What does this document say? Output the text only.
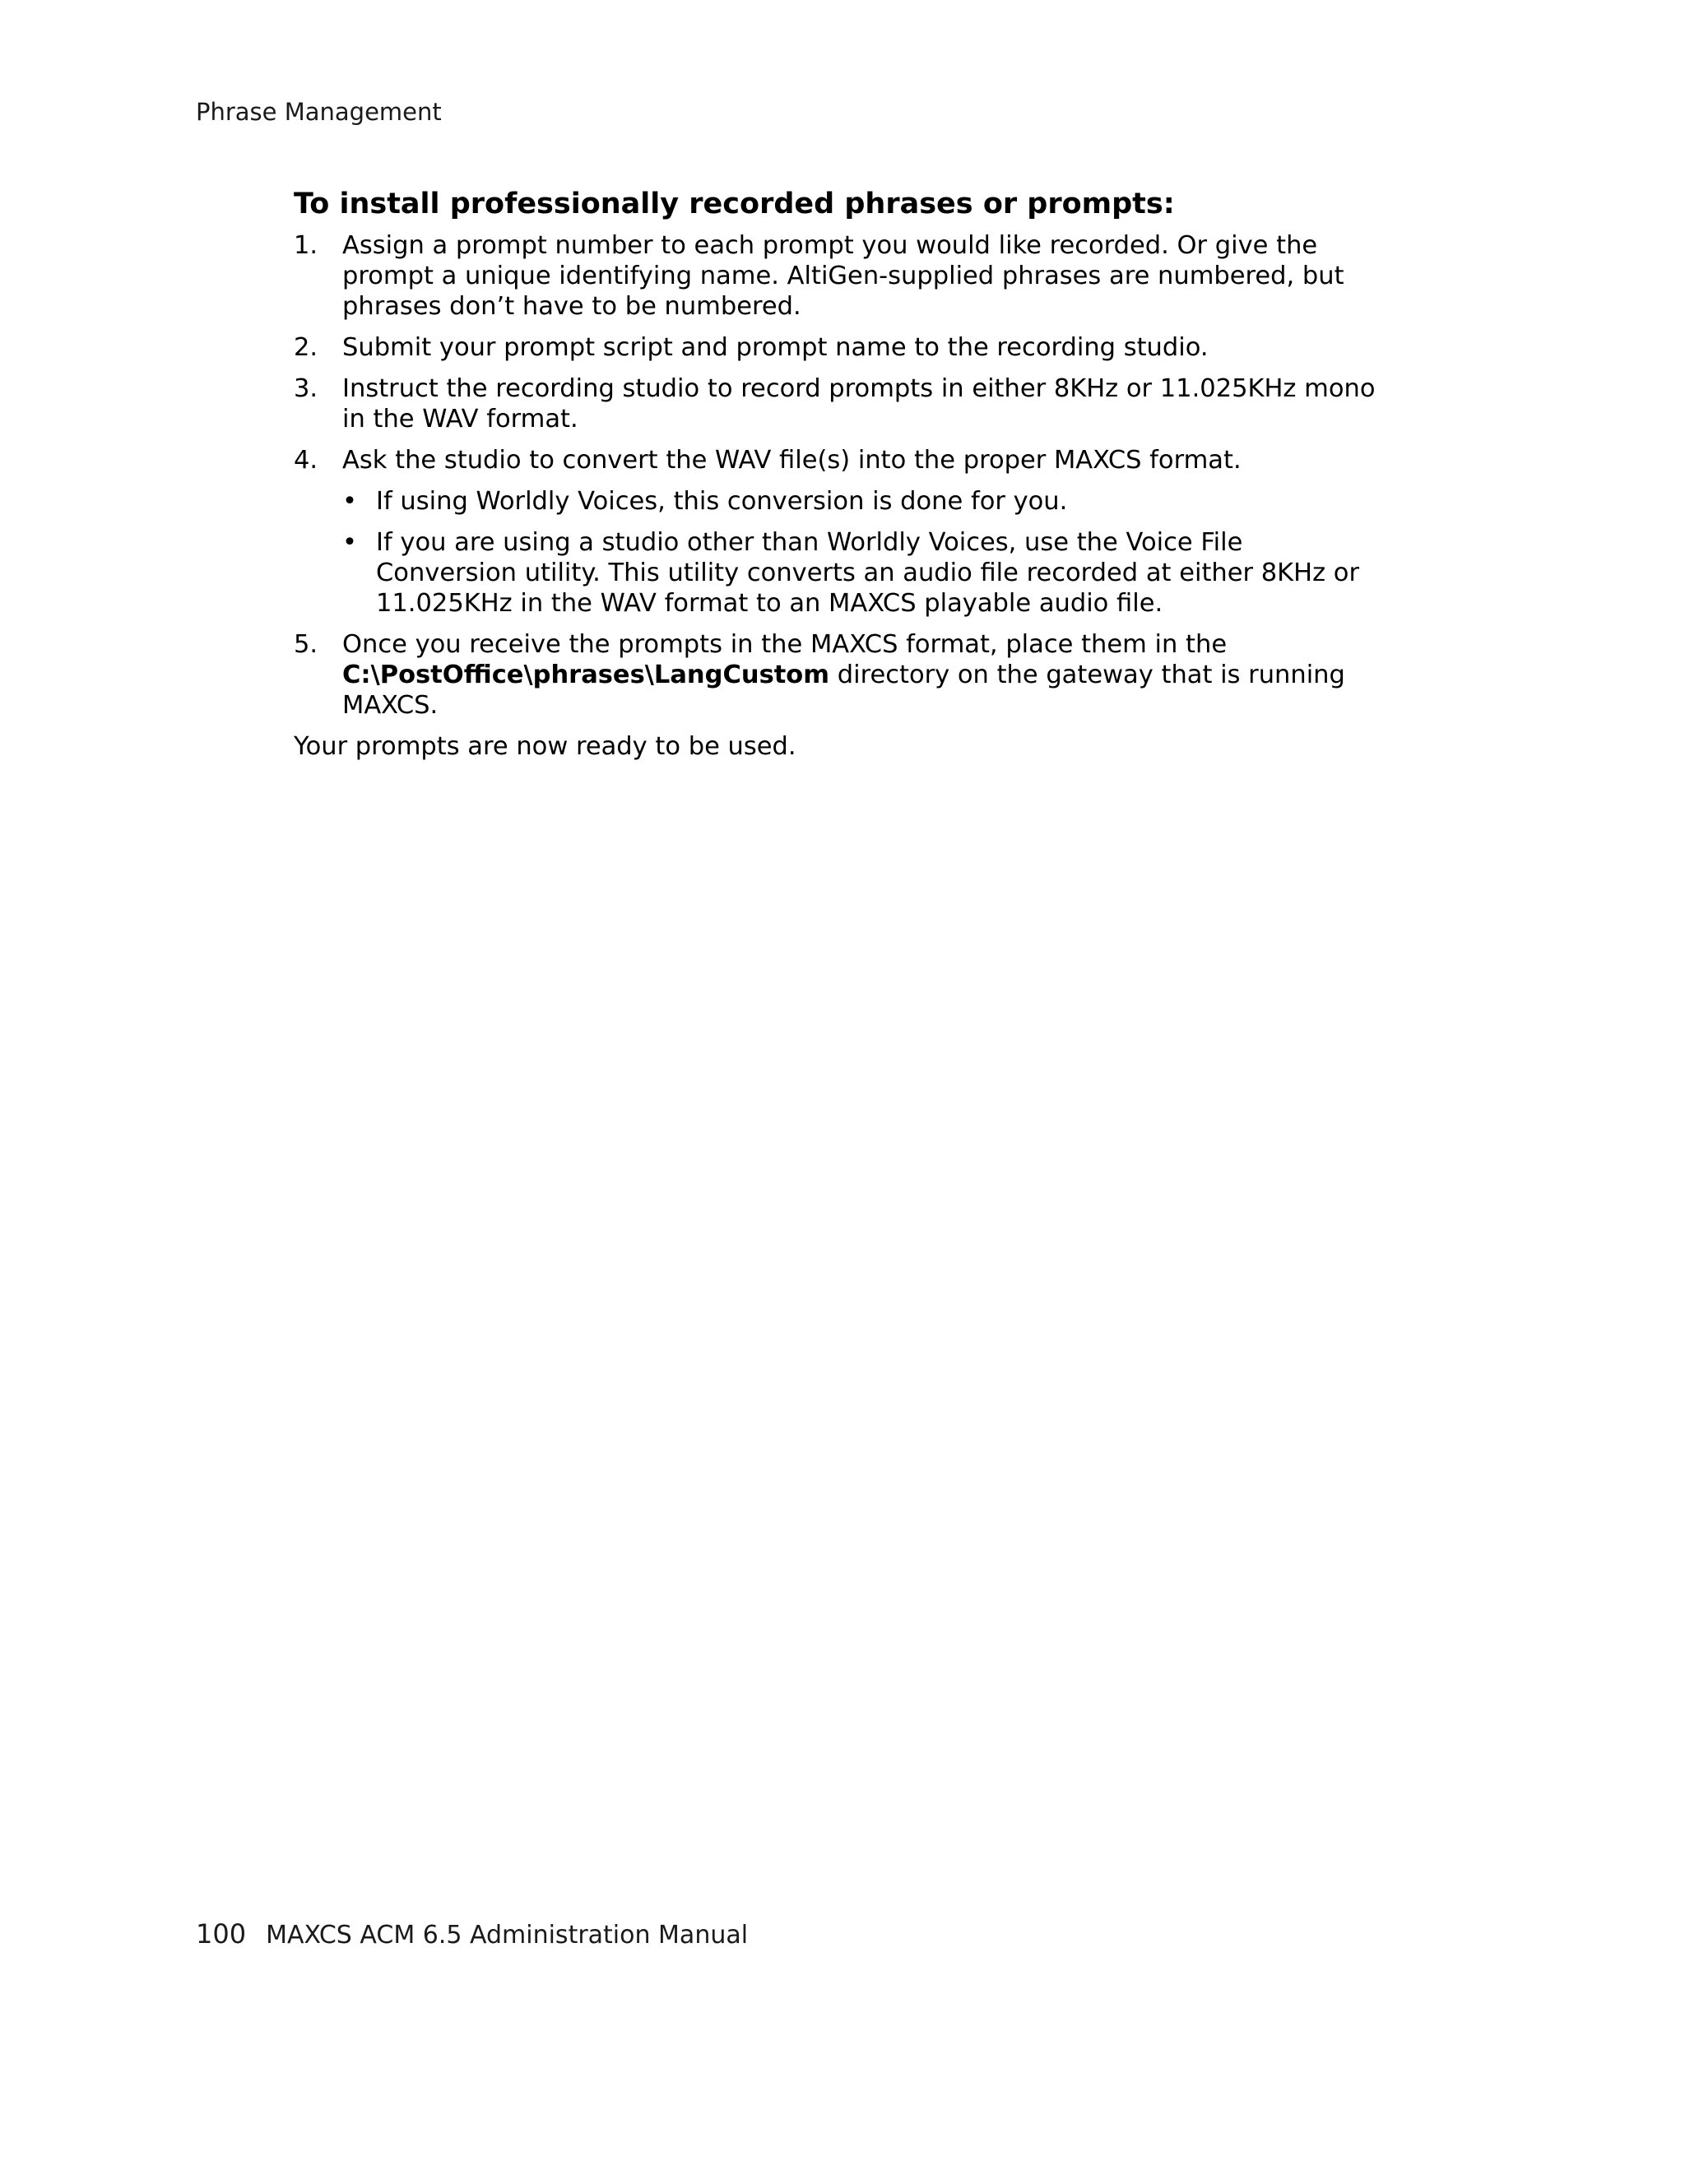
Phrase Management
To install professionally recorded phrases or prompts:
1. Assign a prompt number to each prompt you would like recorded. Or give the prompt a unique identifying name. AltiGen-supplied phrases are numbered, but phrases don’t have to be numbered.
2. Submit your prompt script and prompt name to the recording studio.
3. Instruct the recording studio to record prompts in either 8KHz or 11.025KHz mono in the WAV format.
4. Ask the studio to convert the WAV file(s) into the proper MAXCS format.
• If using Worldly Voices, this conversion is done for you.
• If you are using a studio other than Worldly Voices, use the Voice File Conversion utility. This utility converts an audio file recorded at either 8KHz or 11.025KHz in the WAV format to an MAXCS playable audio file.
5. Once you receive the prompts in the MAXCS format, place them in the C:\PostOffice\phrases\LangCustom directory on the gateway that is running MAXCS.

Your prompts are now ready to be used.

100 MAXCS ACM 6.5 Administration Manual
